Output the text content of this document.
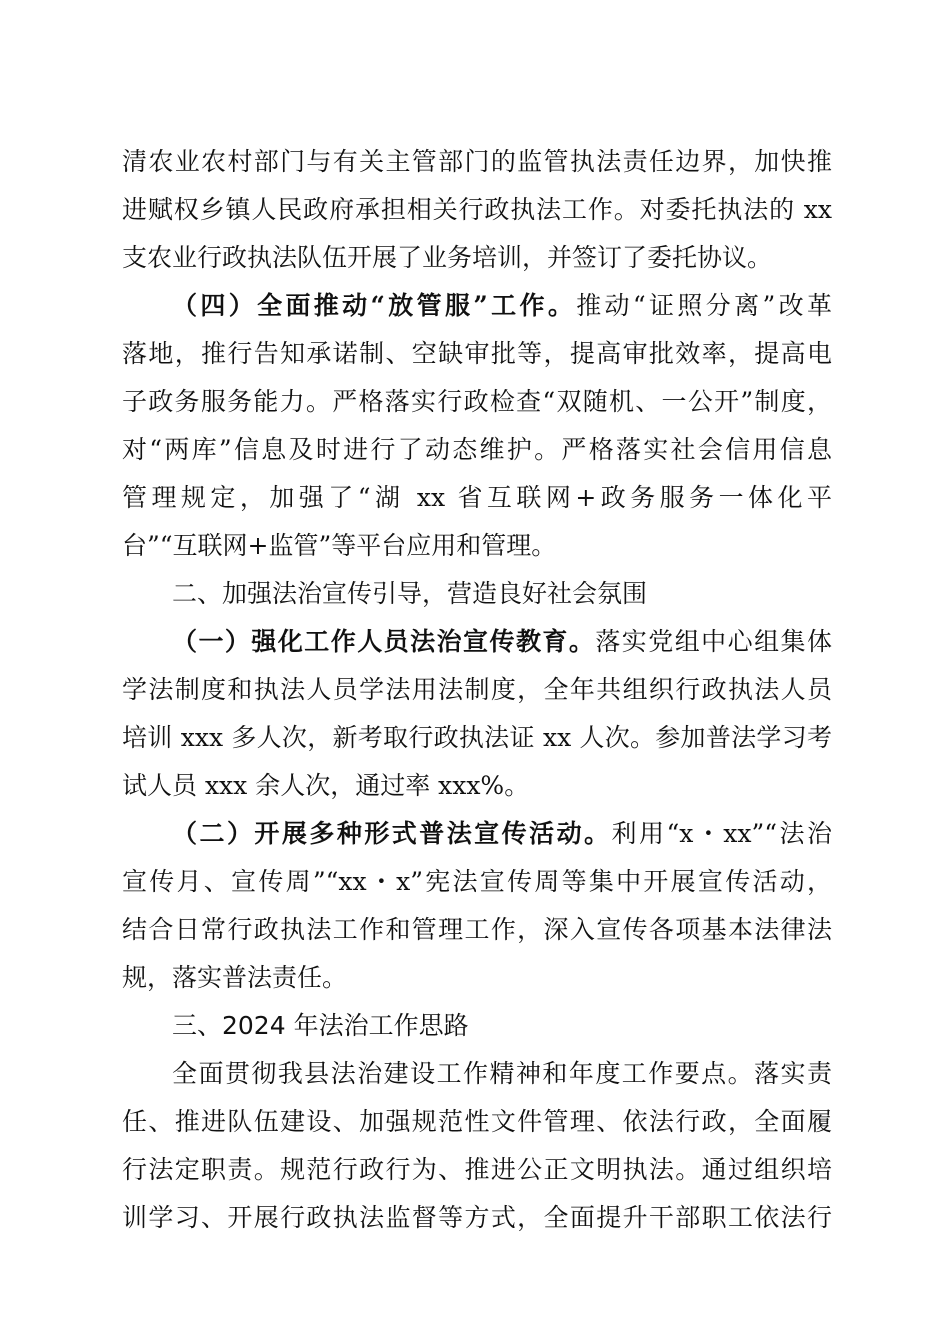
清农业农村部门与有关主管部门的监管执法责任边界，加快推
进赋权乡镇人民政府承担相关行政执法工作。对委托执法的 xx
支农业行政执法队伍开展了业务培训，并签订了委托协议。
（四）全面推动“放管服”工作。推动“证照分离”改革
落地，推行告知承诺制、空缺审批等，提高审批效率，提高电
子政务服务能力。严格落实行政检查“双随机、一公开”制度，
对“两库”信息及时进行了动态维护。严格落实社会信用信息
管理规定，加强了“湖 xx 省互联网+政务服务一体化平
台”“互联网+监管”等平台应用和管理。
二、加强法治宣传引导，营造良好社会氛围
（一）强化工作人员法治宣传教育。落实党组中心组集体
学法制度和执法人员学法用法制度，全年共组织行政执法人员
培训 xxx 多人次，新考取行政执法证 xx 人次。参加普法学习考
试人员 xxx 余人次，通过率 xxx%。
（二）开展多种形式普法宣传活动。利用“x・xx”“法治
宣传月、宣传周”“xx・x”宪法宣传周等集中开展宣传活动，
结合日常行政执法工作和管理工作，深入宣传各项基本法律法
规，落实普法责任。
三、2024 年法治工作思路
全面贯彻我县法治建设工作精神和年度工作要点。落实责
任、推进队伍建设、加强规范性文件管理、依法行政，全面履
行法定职责。规范行政行为、推进公正文明执法。通过组织培
训学习、开展行政执法监督等方式，全面提升干部职工依法行
